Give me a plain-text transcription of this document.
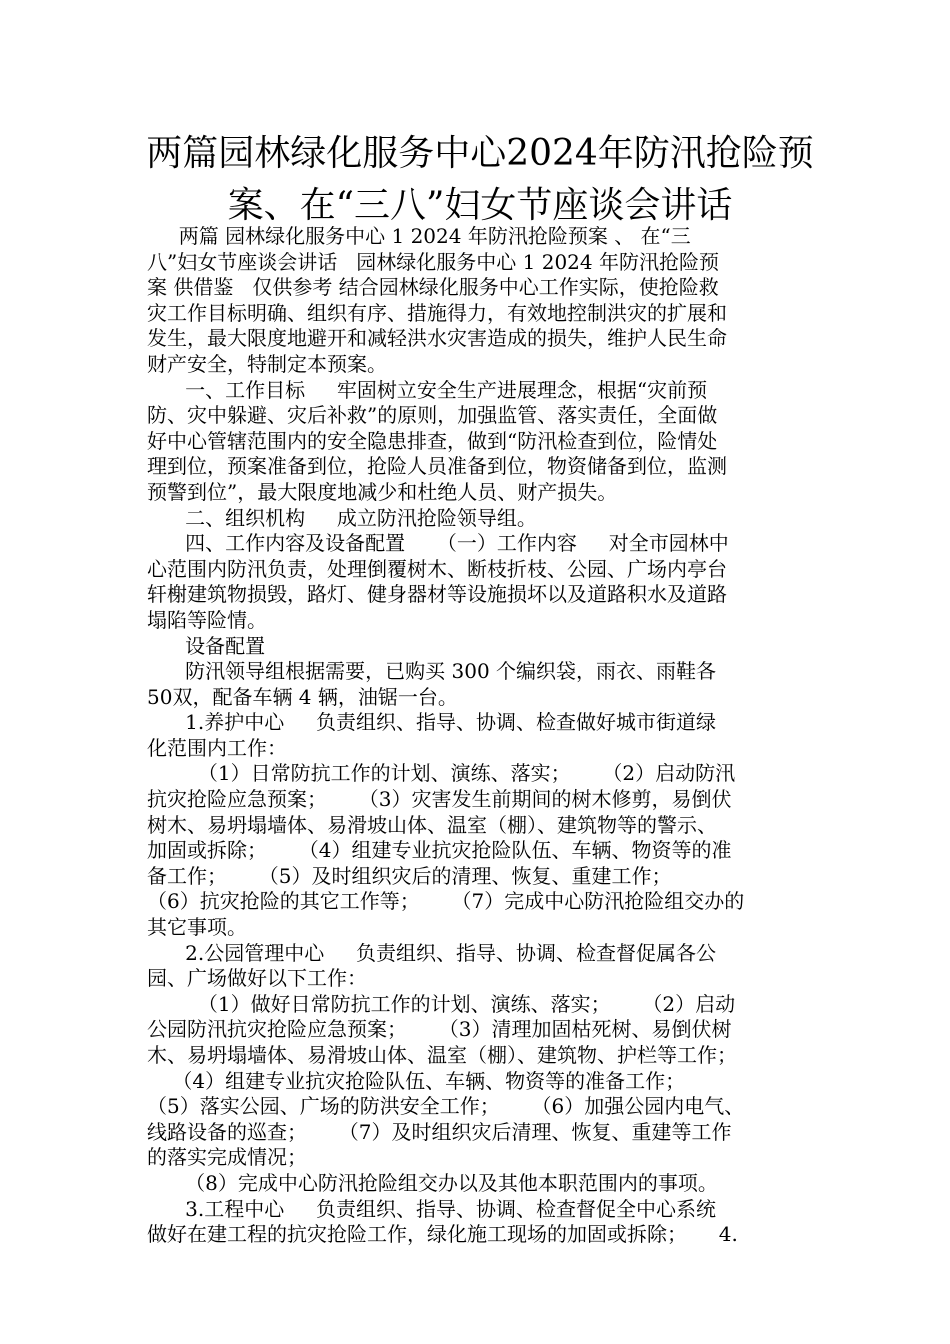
两篇园林绿化服务中心2024年防汛抢险预
案、在“三八”妇女节座谈会讲话
两篇 园林绿化服务中心 1 2024 年防汛抢险预案 、 在“三
八”妇女节座谈会讲话   园林绿化服务中心 1 2024 年防汛抢险预
案 供借鉴   仅供参考 结合园林绿化服务中心工作实际，使抢险救
灾工作目标明确、组织有序、措施得力，有效地控制洪灾的扩展和
发生，最大限度地避开和减轻洪水灾害造成的损失，维护人民生命
财产安全，特制定本预案。
一、工作目标     牢固树立安全生产进展理念，根据“灾前预
防、灾中躲避、灾后补救”的原则，加强监管、落实责任，全面做
好中心管辖范围内的安全隐患排查，做到“防汛检查到位，险情处
理到位，预案准备到位，抢险人员准备到位，物资储备到位，监测
预警到位”，最大限度地减少和杜绝人员、财产损失。
二、组织机构     成立防汛抢险领导组。
四、工作内容及设备配置     （一）工作内容     对全市园林中
心范围内防汛负责，处理倒覆树木、断枝折枝、公园、广场内亭台
轩榭建筑物损毁，路灯、健身器材等设施损坏以及道路积水及道路
塌陷等险情。
设备配置
防汛领导组根据需要，已购买 300 个编织袋，雨衣、雨鞋各
50双，配备车辆 4 辆，油锯一台。
1.养护中心     负责组织、指导、协调、检查做好城市街道绿
化范围内工作：
（1）日常防抗工作的计划、演练、落实；     （2）启动防汛
抗灾抢险应急预案；     （3）灾害发生前期间的树木修剪，易倒伏
树木、易坍塌墙体、易滑坡山体、温室（棚）、建筑物等的警示、
加固或拆除；     （4）组建专业抗灾抢险队伍、车辆、物资等的准
备工作；     （5）及时组织灾后的清理、恢复、重建工作；
（6）抗灾抢险的其它工作等；     （7）完成中心防汛抢险组交办的
其它事项。
2.公园管理中心     负责组织、指导、协调、检查督促属各公
园、广场做好以下工作：
（1）做好日常防抗工作的计划、演练、落实；     （2）启动
公园防汛抗灾抢险应急预案；     （3）清理加固枯死树、易倒伏树
木、易坍塌墙体、易滑坡山体、温室（棚）、建筑物、护栏等工作；
（4）组建专业抗灾抢险队伍、车辆、物资等的准备工作；
（5）落实公园、广场的防洪安全工作；     （6）加强公园内电气、
线路设备的巡查；     （7）及时组织灾后清理、恢复、重建等工作
的落实完成情况；
（8）完成中心防汛抢险组交办以及其他本职范围内的事项。
3.工程中心     负责组织、指导、协调、检查督促全中心系统
做好在建工程的抗灾抢险工作，绿化施工现场的加固或拆除；     4.
